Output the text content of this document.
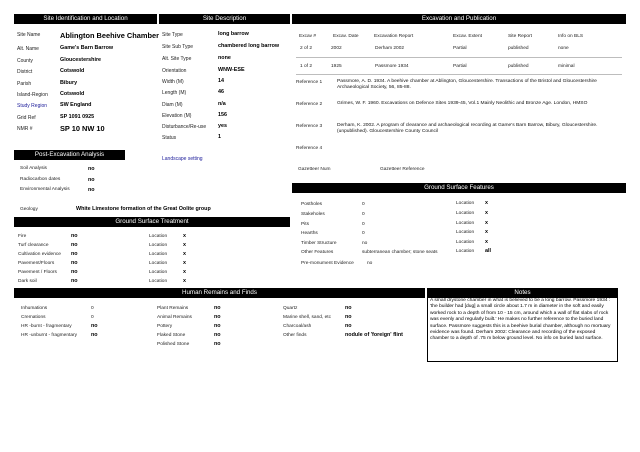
Site Identification and Location
Site Name	Ablington Beehive Chamber
Alt. Name	Game's Barn Barrow
County	Gloucestershire
District	Cotswold
Parish	Bibury
Island-Region Cotswold
Study Region SW England
Grid Ref	SP 1091 0925
NMR #	SP 10 NW 10
Site Description
Site Type	long barrow
Site Sub Type	chambered long barrow
Alt. Site Type	none
Orientation	WNW-ESE
Width (M)	14
Length (M)	46
Diam (M)	n/a
Elevation (M)	156
Disturbance/Re-use yes
Status	1
Landscape setting
Excavation and Publication
Excav #	Excav. Date	Excavation Report	Excav. Extent	Site Report	Info on BLS
2 of 2	2002	Derham 2002	Partial	published	none
1 of 2	1925	Passmore 1934	Partial	published	minimal
Reference 1	Passmore, A. D. 1934. A beehive chamber at Ablington, Gloucestershire. Transactions of the Bristol and Gloucestershire Archaeological Society, 56, 85-88.
Reference 2	Grimes, W. F. 1960. Excavations on Defence Sites 1939-45, Vol.1 Mainly Neolithic and Bronze Age. London, HMSO
Reference 3	Derham, K. 2002. A program of clearance and archaeological recording at Game's Barn Barrow, Bibury, Gloucestershire. (unpublished). Gloucestershire County Council
Reference 4
Gazetteer Num	Gazetteer Reference
Post-Excavation Analysis
Soil Analysis	no
Radiocarbon dates	no
Environmental Analysis	no
Geology	White Limestone formation of the Great Oolite group
Ground Surface Features
Postholes	0	Location x
Stakeholes	0	Location x
Pits	0	Location x
Hearths	0	Location x
Timber Structure	no	Location x
Other Features	subterranean chamber; stone seats	Location all
Pre-monument Evidence	no
Ground Surface Treatment
Fire	no	Location	x
Turf clearance	no	Location	x
Cultivation evidence no	Location	x
Pavement/Floors	no	Location	x
Pavement / Floors	no	Location	x
Dark soil	no	Location	x
Human Remains and Finds
Inhumations	0
Cremations	0
HR -burnt - fragmentary	no
HR -unburnt - fragmentary	no
Plant Remains	no
Animal Remains	no
Pottery	no
Flaked Stone	no
Polished Stone	no
Quartz	no
Marine shell, sand, etc	no
Charcoal/ash	no
Other finds	nodule of 'foreign' flint
Notes
A small drystone chamber in what is believed to be a long barrow. Passmore 1934 : 'the builder had [dug] a small circle about 1.7 m in diameter in the soft and easily worked rock to a depth of from 10 - 15 cm, around which a wall of flat slabs of rock was evenly and regularly built.' He makes no further reference to the buried land surface. Passmore suggests this is a beehive burial chamber, although no mortuary evidence was found. Derham 2002: Clearance and recording of the exposed chamber to a depth of .75 m below ground level. No info on buried land surface.
